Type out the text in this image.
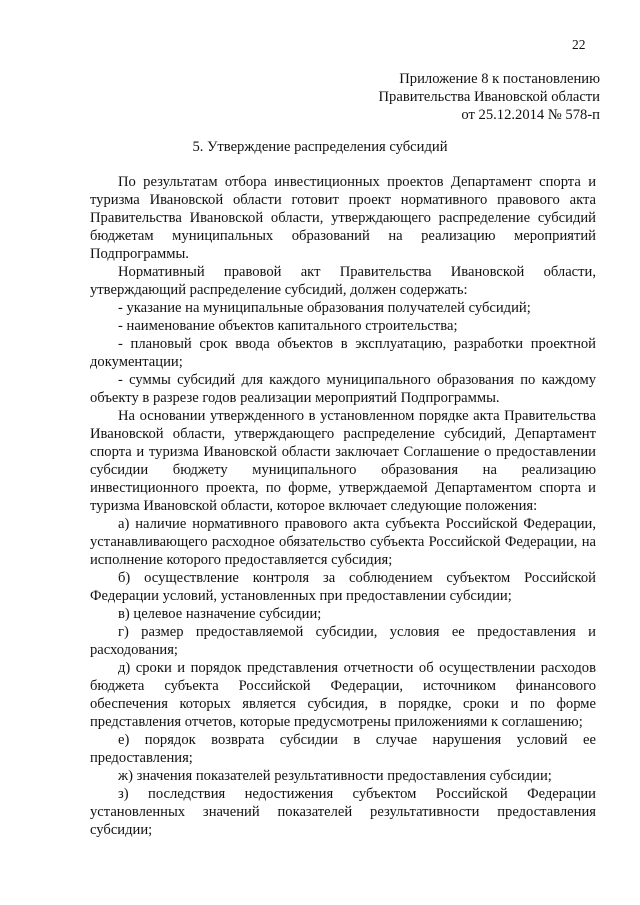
22
Приложение 8 к постановлению
Правительства Ивановской области
от 25.12.2014 № 578-п
5. Утверждение распределения субсидий

По результатам отбора инвестиционных проектов Департамент спорта и туризма Ивановской области готовит проект нормативного правового акта Правительства Ивановской области, утверждающего распределение субсидий бюджетам муниципальных образований на реализацию мероприятий Подпрограммы.

Нормативный правовой акт Правительства Ивановской области, утверждающий распределение субсидий, должен содержать:

- указание на муниципальные образования получателей субсидий;

- наименование объектов капитального строительства;

- плановый срок ввода объектов в эксплуатацию, разработки проектной документации;

- суммы субсидий для каждого муниципального образования по каждому объекту в разрезе годов реализации мероприятий Подпрограммы.

На основании утвержденного в установленном порядке акта Правительства Ивановской области, утверждающего распределение субсидий, Департамент спорта и туризма Ивановской области заключает Соглашение о предоставлении субсидии бюджету муниципального образования на реализацию инвестиционного проекта, по форме, утверждаемой Департаментом спорта и туризма Ивановской области, которое включает следующие положения:

а) наличие нормативного правового акта субъекта Российской Федерации, устанавливающего расходное обязательство субъекта Российской Федерации, на исполнение которого предоставляется субсидия;

б) осуществление контроля за соблюдением субъектом Российской Федерации условий, установленных при предоставлении субсидии;

в) целевое назначение субсидии;

г) размер предоставляемой субсидии, условия ее предоставления и расходования;

д) сроки и порядок представления отчетности об осуществлении расходов бюджета субъекта Российской Федерации, источником финансового обеспечения которых является субсидия, в порядке, сроки и по форме представления отчетов, которые предусмотрены приложениями к соглашению;

е) порядок возврата субсидии в случае нарушения условий ее предоставления;

ж) значения показателей результативности предоставления субсидии;

з) последствия недостижения субъектом Российской Федерации установленных значений показателей результативности предоставления субсидии;
